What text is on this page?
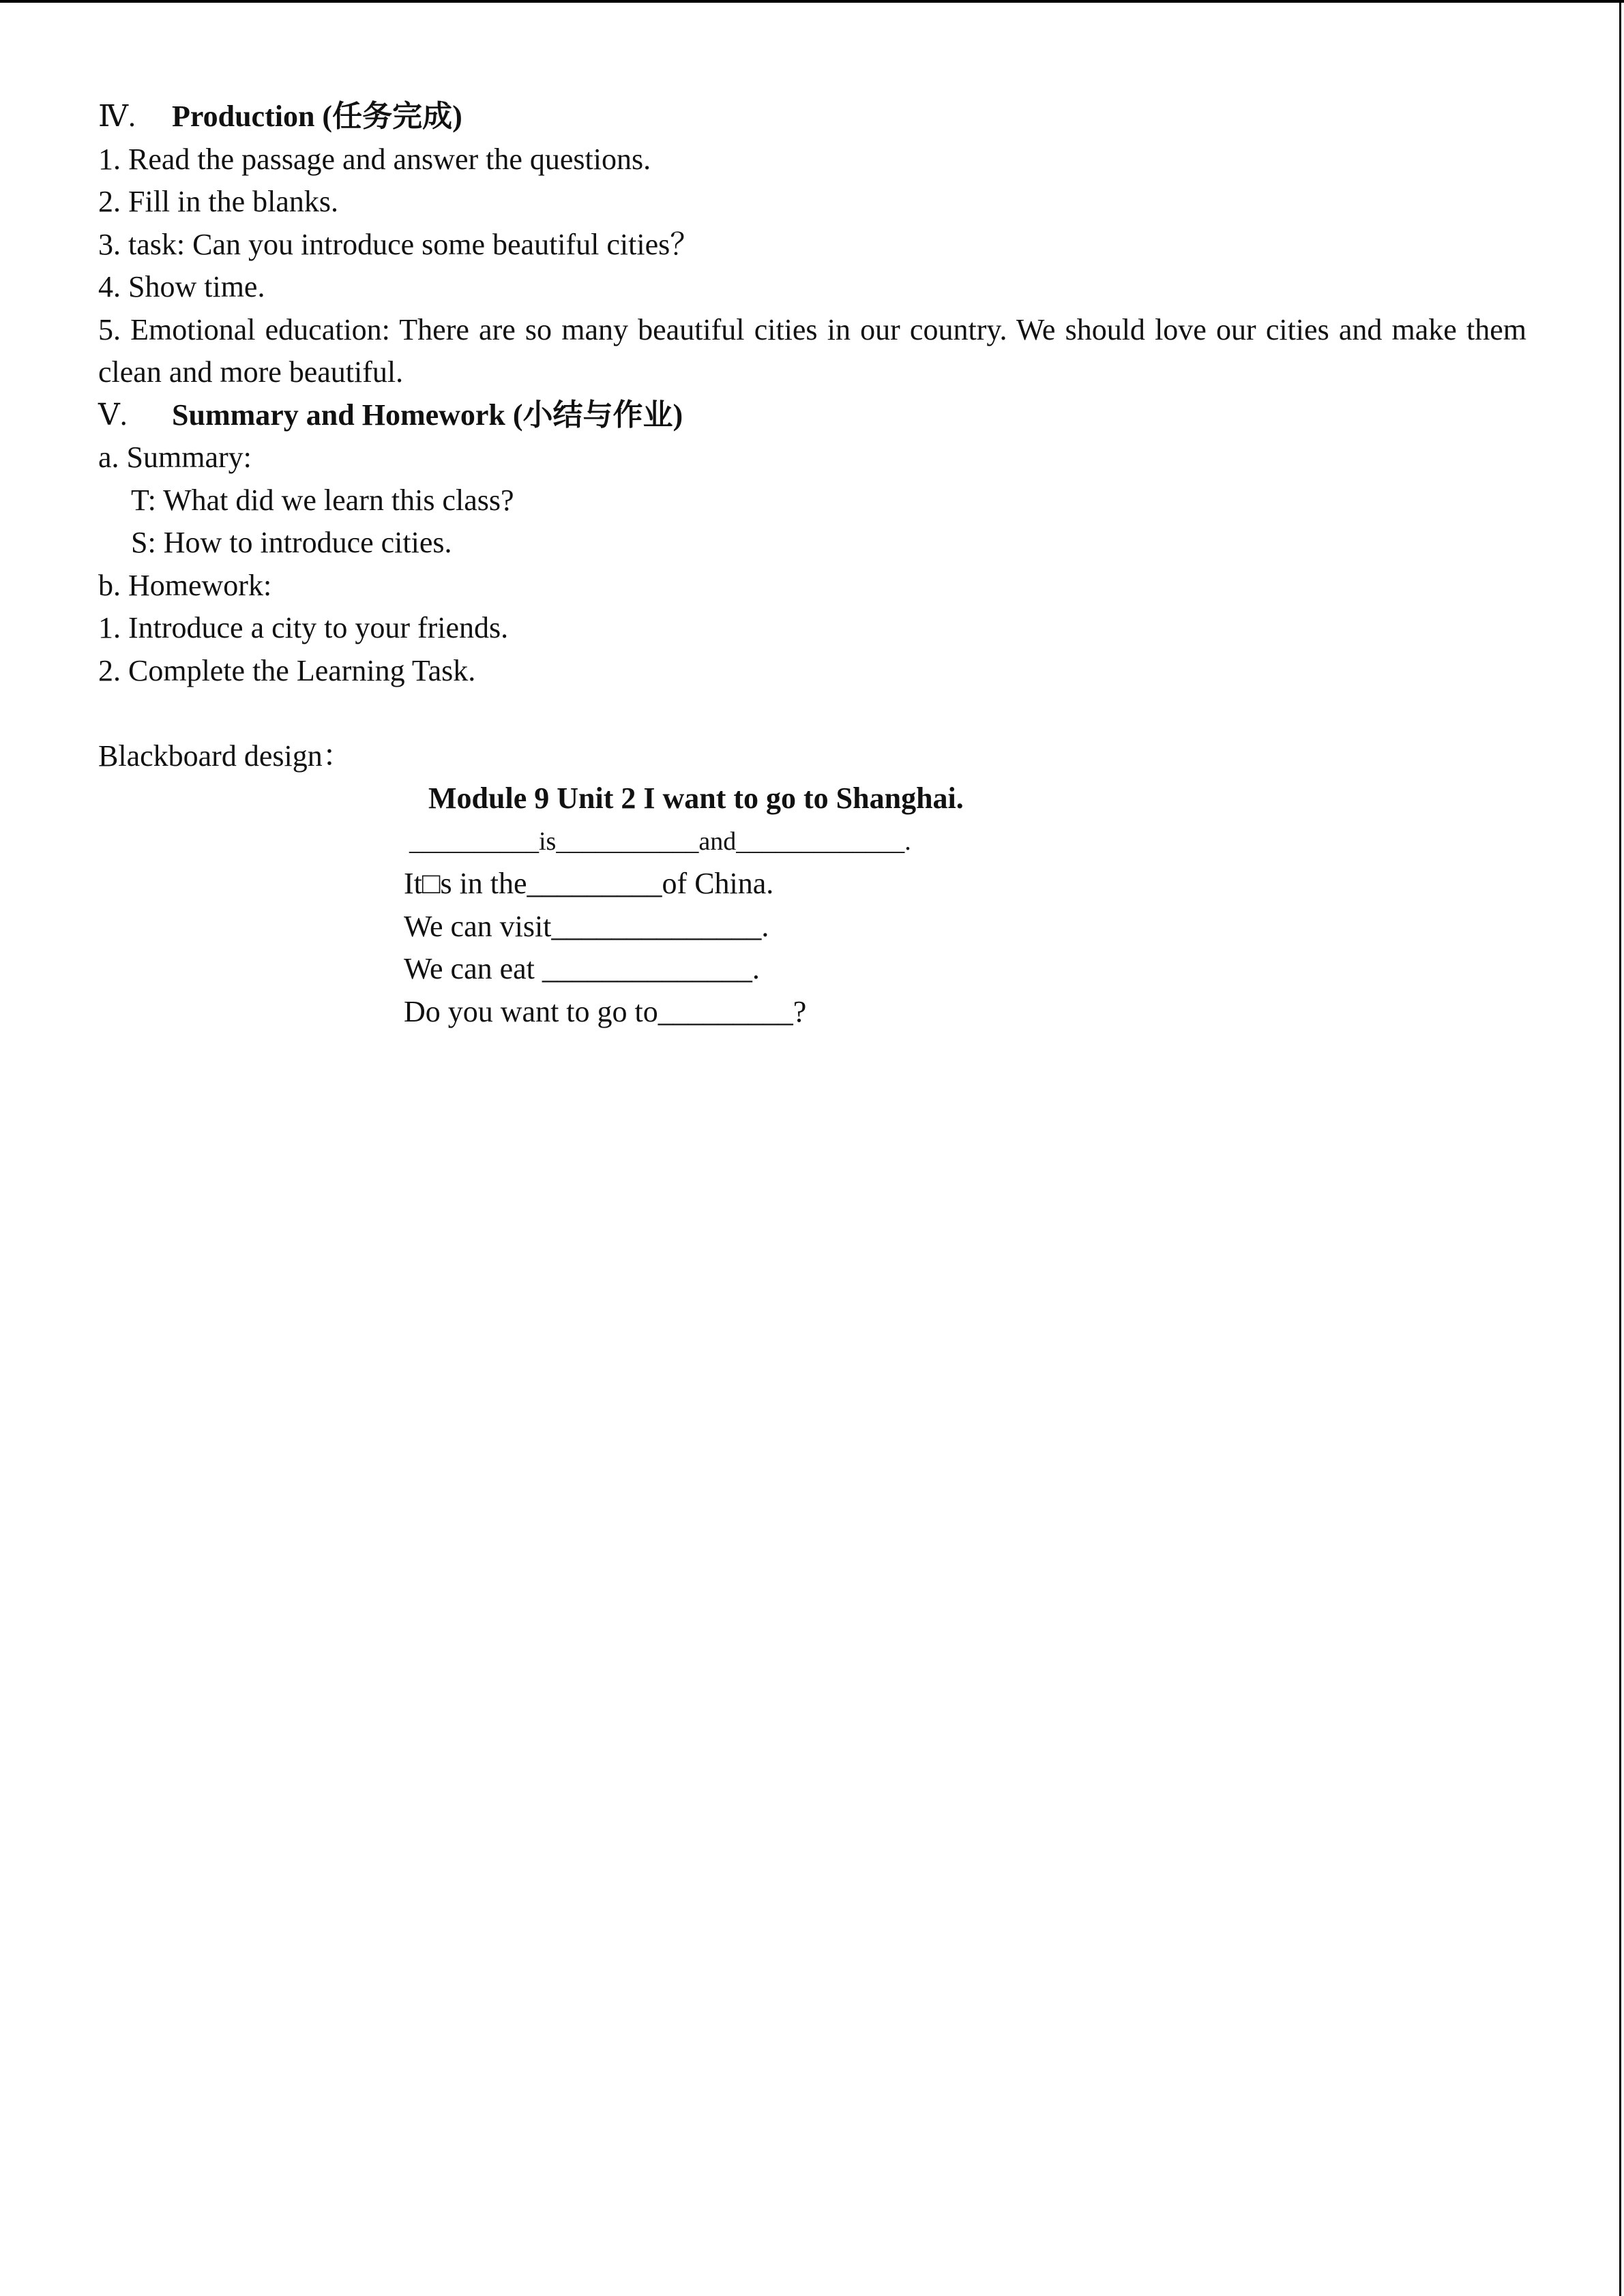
Ⅳ. Production (任务完成)

1. Read the passage and answer the questions.

2. Fill in the blanks.

3. task: Can you introduce some beautiful cities？

4. Show time.

5. Emotional education: There are so many beautiful cities in our country. We should love our cities and make them clean and more beautiful.

Ⅴ. Summary and Homework (小结与作业)

a. Summary:

T: What did we learn this class?

S: How to introduce cities.

b. Homework:

1. Introduce a city to your friends.

2. Complete the Learning Task.

Blackboard design：

Module 9 Unit 2 I want to go to Shanghai.

__________is___________and_____________.

It□s in the_________of China.

We can visit______________.

We can eat ______________.

Do you want to go to_________?
